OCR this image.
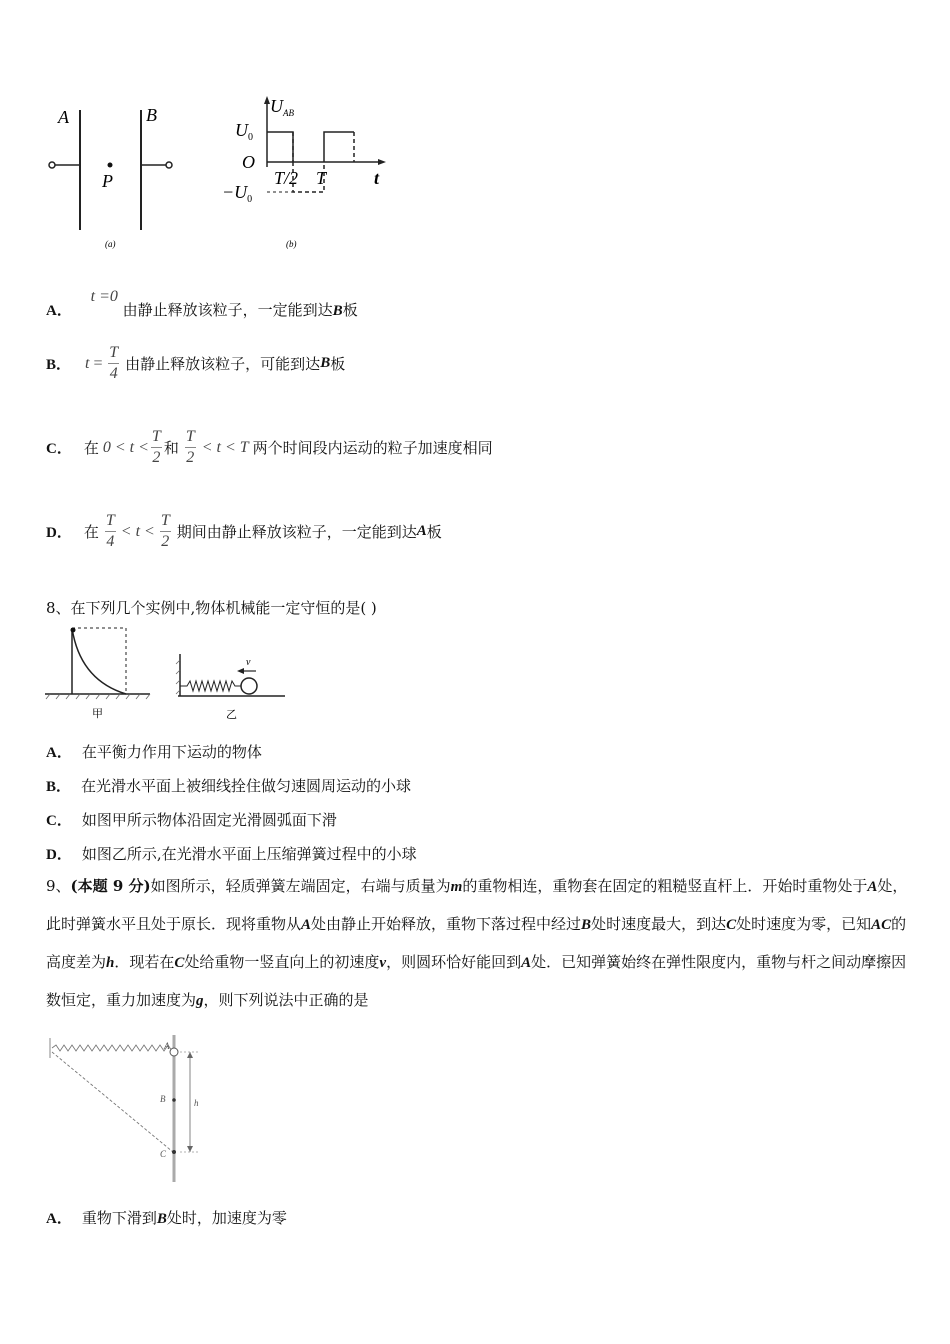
A	B
P
(a)
$U_{AB}$
$U_0$
O
$-U_0$
T/2 T	t
(b)
A． t =0 由静止释放该粒子，一定能到达B板
B． $t = \frac{T}{4}$ 由静止释放该粒子，可能到达 B 板
C． 在 $0 < t < \frac{T}{2}$ 和 $\frac{T}{2} < t < T$ 两个时间段内运动的粒子加速度相同
D． 在 $\frac{T}{4} < t < \frac{T}{2}$ 期间由静止释放该粒子，一定能到达 A 板
8、在下列几个实例中,物体机械能一定守恒的是( )
甲
v
乙
A． 在平衡力作用下运动的物体
B． 在光滑水平面上被细线拴住做匀速圆周运动的小球
C． 如图甲所示物体沿固定光滑圆弧面下滑
D． 如图乙所示,在光滑水平面上压缩弹簧过程中的小球
9、(本题 9 分)如图所示，轻质弹簧左端固定，右端与质量为m的重物相连，重物套在固定的粗糙竖直杆上．开始时重物处于A处，此时弹簧水平且处于原长．现将重物从A处由静止开始释放，重物下落过程中经过B处时速度最大，到达C处时速度为零，已知AC的高度差为h．现若在C处给重物一竖直向上的初速度v，则圆环恰好能回到A处．已知弹簧始终在弹性限度内，重物与杆之间动摩擦因数恒定，重力加速度为g，则下列说法中正确的是
A
B
C
h
A． 重物下滑到B处时，加速度为零
